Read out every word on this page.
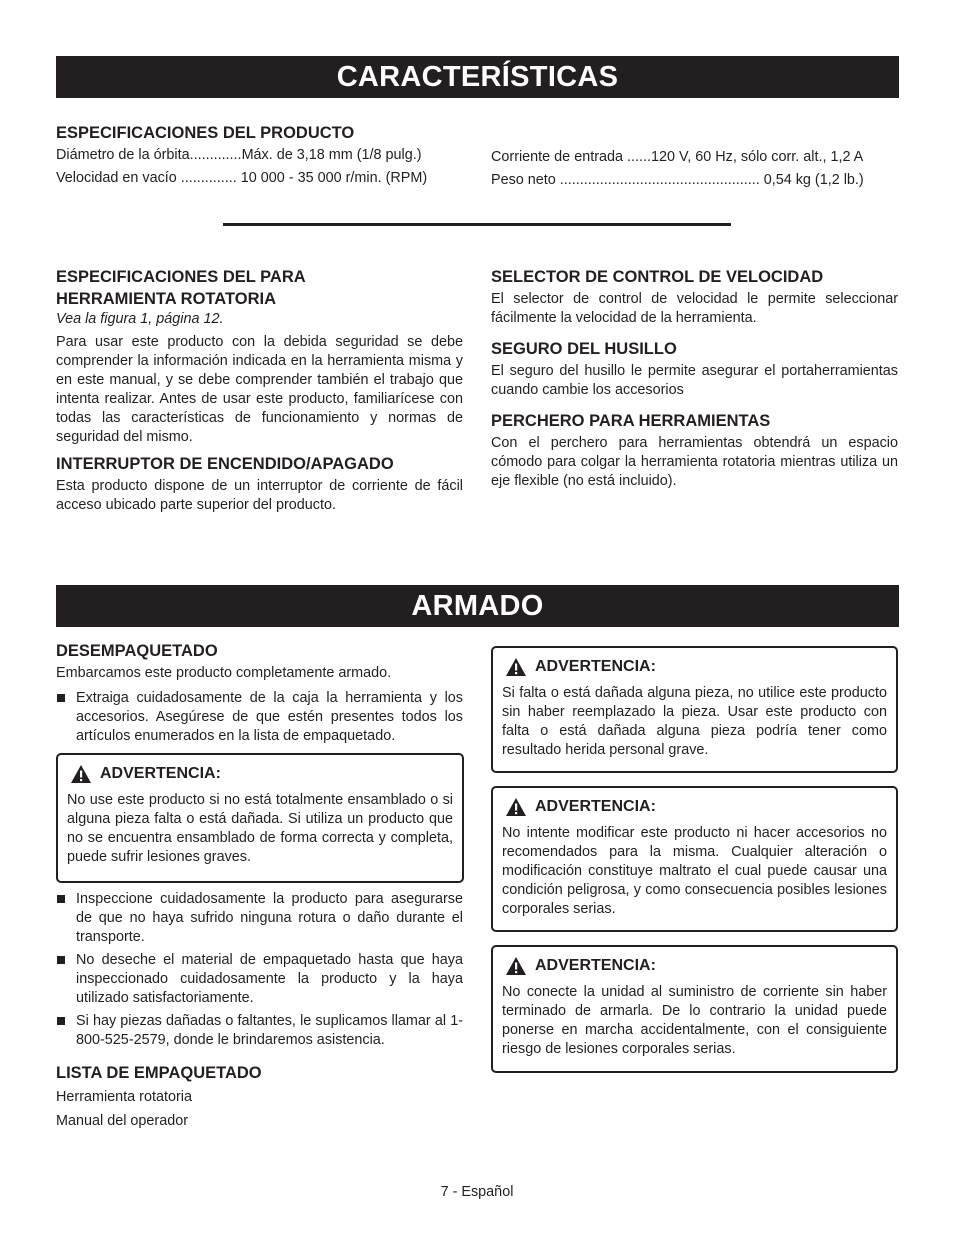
CARACTERÍSTICAS

ESPECIFICACIONES DEL PRODUCTO

Diámetro de la órbita.............Máx. de 3,18 mm (1/8 pulg.)
Velocidad en vacío .............. 10 000 - 35 000 r/min. (RPM)
Corriente de entrada ......120 V, 60 Hz, sólo corr. alt., 1,2 A
Peso neto .................................................. 0,54 kg (1,2 lb.)

ESPECIFICACIONES DEL PARA
HERRAMIENTA ROTATORIA

Vea la figura 1, página 12.

Para usar este producto con la debida seguridad se debe comprender la información indicada en la herramienta misma y en este manual, y se debe comprender también el trabajo que intenta realizar. Antes de usar este producto, familiarícese con todas las características de funcionamiento y normas de seguridad del mismo.

INTERRUPTOR DE ENCENDIDO/APAGADO

Esta producto dispone de un interruptor de corriente de fácil acceso ubicado parte superior del producto.

SELECTOR DE CONTROL DE VELOCIDAD

El selector de control de velocidad le permite seleccionar fácilmente la velocidad de la herramienta.

SEGURO DEL HUSILLO

El seguro del husillo le permite asegurar el portaherramientas cuando cambie los accesorios

PERCHERO PARA HERRAMIENTAS

Con el perchero para herramientas obtendrá un espacio cómodo para colgar la herramienta rotatoria mientras utiliza un eje flexible (no está incluido).

ARMADO

DESEMPAQUETADO

Embarcamos este producto completamente armado.

Extraiga cuidadosamente de la caja la herramienta y los accesorios. Asegúrese de que estén presentes todos los artículos enumerados en la lista de empaquetado.
ADVERTENCIA:

No use este producto si no está totalmente ensamblado o si alguna pieza falta o está dañada. Si utiliza un producto que no se encuentra ensamblado de forma correcta y completa, puede sufrir lesiones graves.

Inspeccione cuidadosamente la producto para asegurarse de que no haya sufrido ninguna rotura o daño durante el transporte.
No deseche el material de empaquetado hasta que haya inspeccionado cuidadosamente la producto y la haya utilizado satisfactoriamente.
Si hay piezas dañadas o faltantes, le suplicamos llamar al 1-800-525-2579, donde le brindaremos asistencia.

LISTA DE EMPAQUETADO

Herramienta rotatoria
Manual del operador
ADVERTENCIA:

Si falta o está dañada alguna pieza, no utilice este producto sin haber reemplazado la pieza. Usar este producto con falta o está dañada alguna pieza podría tener como resultado herida personal grave.

ADVERTENCIA:

No intente modificar este producto ni hacer accesorios no recomendados para la misma. Cualquier alteración o modificación constituye maltrato el cual puede causar una condición peligrosa, y como consecuencia posibles lesiones corporales serias.

ADVERTENCIA:

No conecte la unidad al suministro de corriente sin haber terminado de armarla. De lo contrario la unidad puede ponerse en marcha accidentalmente, con el consiguiente riesgo de lesiones corporales serias.

7 - Español
